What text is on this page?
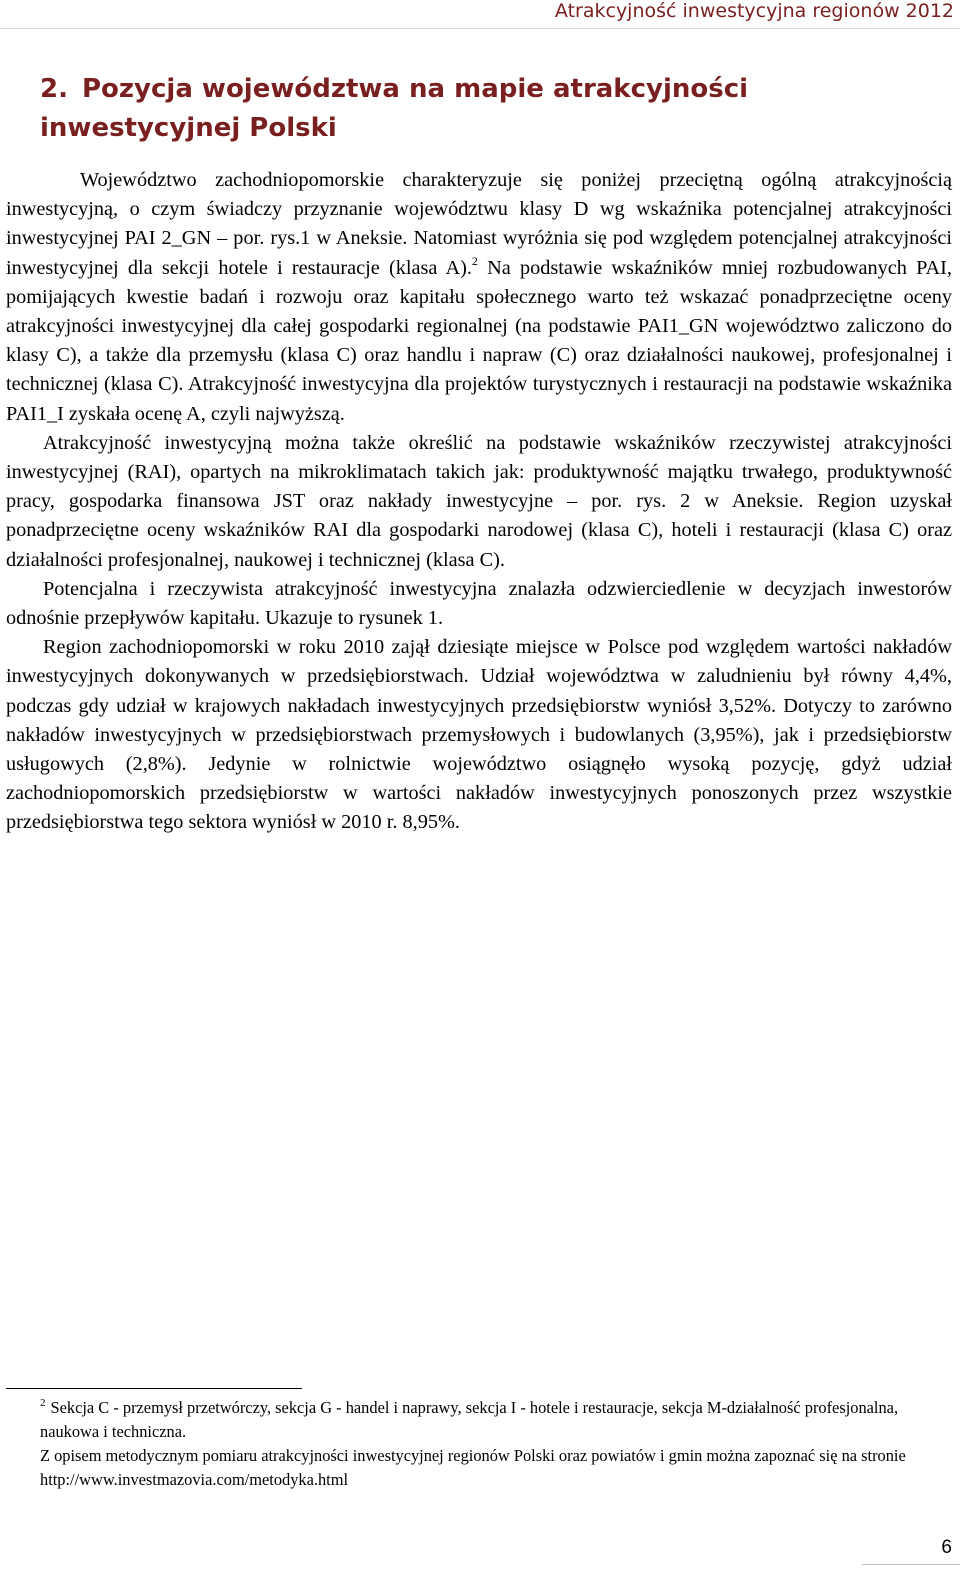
Atrakcyjność inwestycyjna regionów 2012
2. Pozycja województwa na mapie atrakcyjności inwestycyjnej Polski

Województwo zachodniopomorskie charakteryzuje się poniżej przeciętną ogólną atrakcyjnością inwestycyjną, o czym świadczy przyznanie województwu klasy D wg wskaźnika potencjalnej atrakcyjności inwestycyjnej PAI 2_GN – por. rys.1 w Aneksie. Natomiast wyróżnia się pod względem potencjalnej atrakcyjności inwestycyjnej dla sekcji hotele i restauracje (klasa A).$^2$ Na podstawie wskaźników mniej rozbudowanych PAI, pomijających kwestie badań i rozwoju oraz kapitału społecznego warto też wskazać ponadprzeciętne oceny atrakcyjności inwestycyjnej dla całej gospodarki regionalnej (na podstawie PAI1_GN województwo zaliczono do klasy C), a także dla przemysłu (klasa C) oraz handlu i napraw (C) oraz działalności naukowej, profesjonalnej i technicznej (klasa C). Atrakcyjność inwestycyjna dla projektów turystycznych i restauracji na podstawie wskaźnika PAI1_I zyskała ocenę A, czyli najwyższą.

Atrakcyjność inwestycyjną można także określić na podstawie wskaźników rzeczywistej atrakcyjności inwestycyjnej (RAI), opartych na mikroklimatach takich jak: produktywność majątku trwałego, produktywność pracy, gospodarka finansowa JST oraz nakłady inwestycyjne – por. rys. 2 w Aneksie. Region uzyskał ponadprzeciętne oceny wskaźników RAI dla gospodarki narodowej (klasa C), hoteli i restauracji (klasa C) oraz działalności profesjonalnej, naukowej i technicznej (klasa C).

Potencjalna i rzeczywista atrakcyjność inwestycyjna znalazła odzwierciedlenie w decyzjach inwestorów odnośnie przepływów kapitału. Ukazuje to rysunek 1.

Region zachodniopomorski w roku 2010 zajął dziesiąte miejsce w Polsce pod względem wartości nakładów inwestycyjnych dokonywanych w przedsiębiorstwach. Udział województwa w zaludnieniu był równy 4,4%, podczas gdy udział w krajowych nakładach inwestycyjnych przedsiębiorstw wyniósł 3,52%. Dotyczy to zarówno nakładów inwestycyjnych w przedsiębiorstwach przemysłowych i budowlanych (3,95%), jak i przedsiębiorstw usługowych (2,8%). Jedynie w rolnictwie województwo osiągnęło wysoką pozycję, gdyż udział zachodniopomorskich przedsiębiorstw w wartości nakładów inwestycyjnych ponoszonych przez wszystkie przedsiębiorstwa tego sektora wyniósł w 2010 r. 8,95%.

$^2$ Sekcja C - przemysł przetwórczy, sekcja G - handel i naprawy, sekcja I - hotele i restauracje, sekcja M-działalność profesjonalna, naukowa i techniczna.

Z opisem metodycznym pomiaru atrakcyjności inwestycyjnej regionów Polski oraz powiatów i gmin można zapoznać się na stronie http://www.investmazovia.com/metodyka.html

6
